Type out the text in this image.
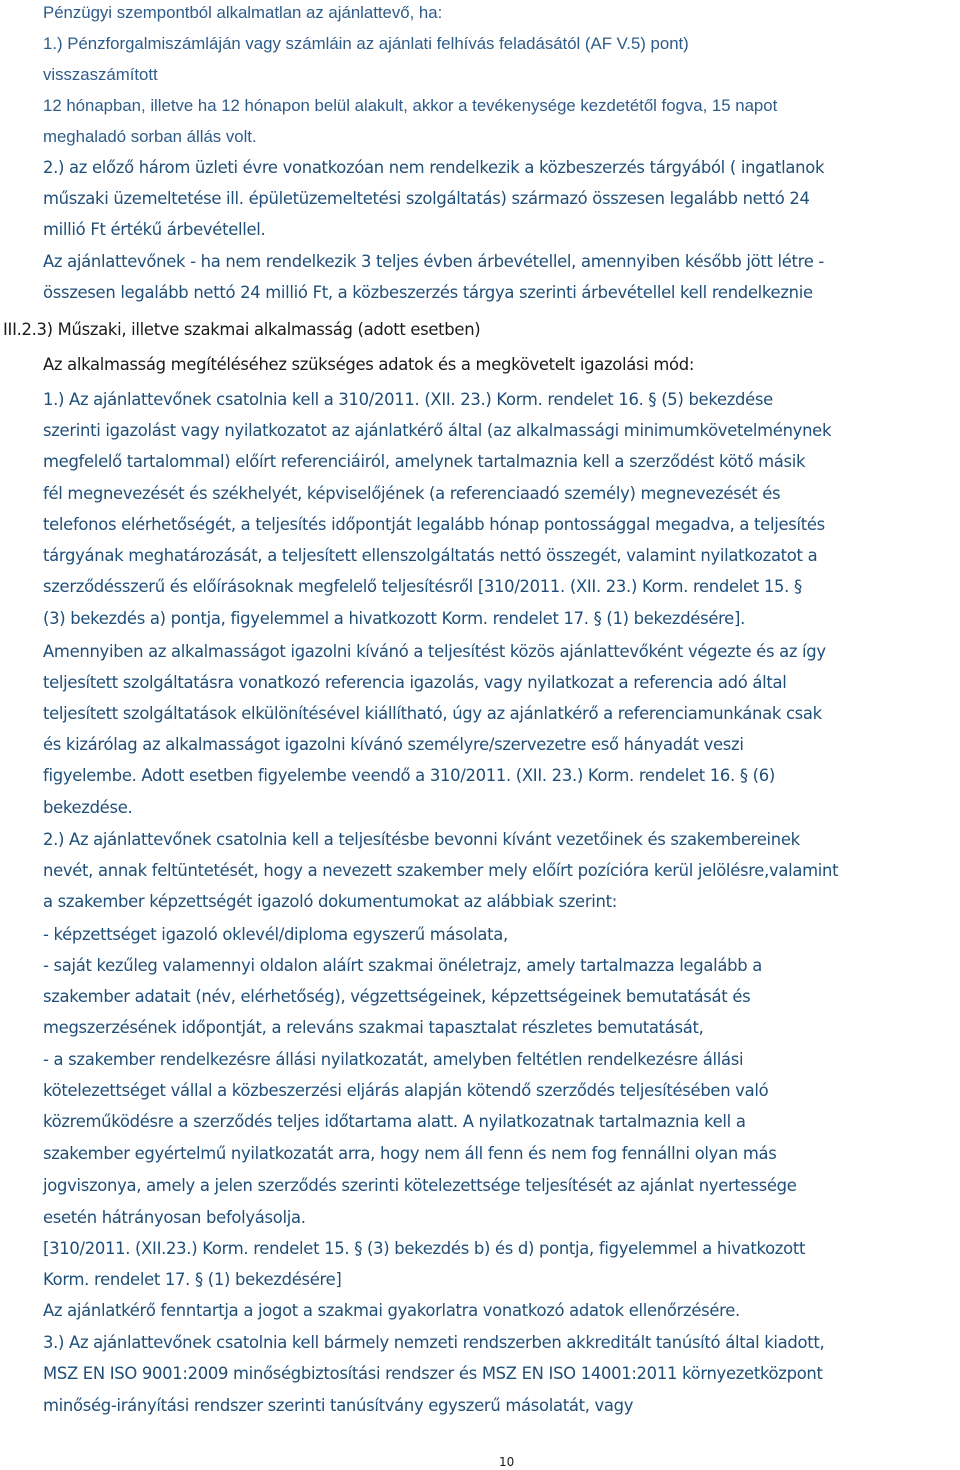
Pénzügyi szempontból alkalmatlan az ajánlattevő, ha:
1.) Pénzforgalmiszámláján vagy számláin az ajánlati felhívás feladásától (AF V.5) pont)
visszaszámított
12 hónapban, illetve ha 12 hónapon belül alakult, akkor a tevékenysége kezdetétől fogva, 15 napot
meghaladó sorban állás volt.
2.) az előző három üzleti évre vonatkozóan nem rendelkezik a közbeszerzés tárgyából ( ingatlanok
műszaki üzemeltetése ill. épületüzemeltetési szolgáltatás) származó összesen legalább nettó 24
millió Ft értékű árbevétellel.
Az ajánlattevőnek - ha nem rendelkezik 3 teljes évben árbevétellel, amennyiben később jött létre -
összesen legalább nettó 24 millió Ft, a közbeszerzés tárgya szerinti árbevétellel kell rendelkeznie
III.2.3) Műszaki, illetve szakmai alkalmasság (adott esetben)
Az alkalmasság megítéléséhez szükséges adatok és a megkövetelt igazolási mód:
1.) Az ajánlattevőnek csatolnia kell a 310/2011. (XII. 23.) Korm. rendelet 16. § (5) bekezdése
szerinti igazolást vagy nyilatkozatot az ajánlatkérő által (az alkalmassági minimumkövetelménynek
megfelelő tartalommal) előírt referenciáiról, amelynek tartalmaznia kell a szerződést kötő másik
fél megnevezését és székhelyét, képviselőjének (a referenciaadó személy) megnevezését és
telefonos elérhetőségét, a teljesítés időpontját legalább hónap pontossággal megadva, a teljesítés
tárgyának meghatározását, a teljesített ellenszolgáltatás nettó összegét, valamint nyilatkozatot a
szerződésszerű és előírásoknak megfelelő teljesítésről [310/2011. (XII. 23.) Korm. rendelet 15. §
(3) bekezdés a) pontja, figyelemmel a hivatkozott Korm. rendelet 17. § (1) bekezdésére].
Amennyiben az alkalmasságot igazolni kívánó a teljesítést közös ajánlattevőként végezte és az így
teljesített szolgáltatásra vonatkozó referencia igazolás, vagy nyilatkozat a referencia adó által
teljesített szolgáltatások elkülönítésével kiállítható, úgy az ajánlatkérő a referenciamunkának csak
és kizárólag az alkalmasságot igazolni kívánó személyre/szervezetre eső hányadát veszi
figyelembe. Adott esetben figyelembe veendő a 310/2011. (XII. 23.) Korm. rendelet 16. § (6)
bekezdése.
2.) Az ajánlattevőnek csatolnia kell a teljesítésbe bevonni kívánt vezetőinek és szakembereinek
nevét, annak feltüntetését, hogy a nevezett szakember mely előírt pozícióra kerül jelölésre,valamint
a szakember képzettségét igazoló dokumentumokat az alábbiak szerint:
- képzettséget igazoló oklevél/diploma egyszerű másolata,
- saját kezűleg valamennyi oldalon aláírt szakmai önéletrajz, amely tartalmazza legalább a
szakember adatait (név, elérhetőség), végzettségeinek, képzettségeinek bemutatását és
megszerzésének időpontját, a releváns szakmai tapasztalat részletes bemutatását,
- a szakember rendelkezésre állási nyilatkozatát, amelyben feltétlen rendelkezésre állási
kötelezettséget vállal a közbeszerzési eljárás alapján kötendő szerződés teljesítésében való
közreműködésre a szerződés teljes időtartama alatt. A nyilatkozatnak tartalmaznia kell a
szakember egyértelmű nyilatkozatát arra, hogy nem áll fenn és nem fog fennállni olyan más
jogviszonya, amely a jelen szerződés szerinti kötelezettsége teljesítését az ajánlat nyertessége
esetén hátrányosan befolyásolja.
[310/2011. (XII.23.) Korm. rendelet 15. § (3) bekezdés b) és d) pontja, figyelemmel a hivatkozott
Korm. rendelet 17. § (1) bekezdésére]
Az ajánlatkérő fenntartja a jogot a szakmai gyakorlatra vonatkozó adatok ellenőrzésére.
3.) Az ajánlattevőnek csatolnia kell bármely nemzeti rendszerben akkreditált tanúsító által kiadott,
MSZ EN ISO 9001:2009 minőségbiztosítási rendszer és MSZ EN ISO 14001:2011 környezetközpont
minőség-irányítási rendszer szerinti tanúsítvány egyszerű másolatát, vagy
10
